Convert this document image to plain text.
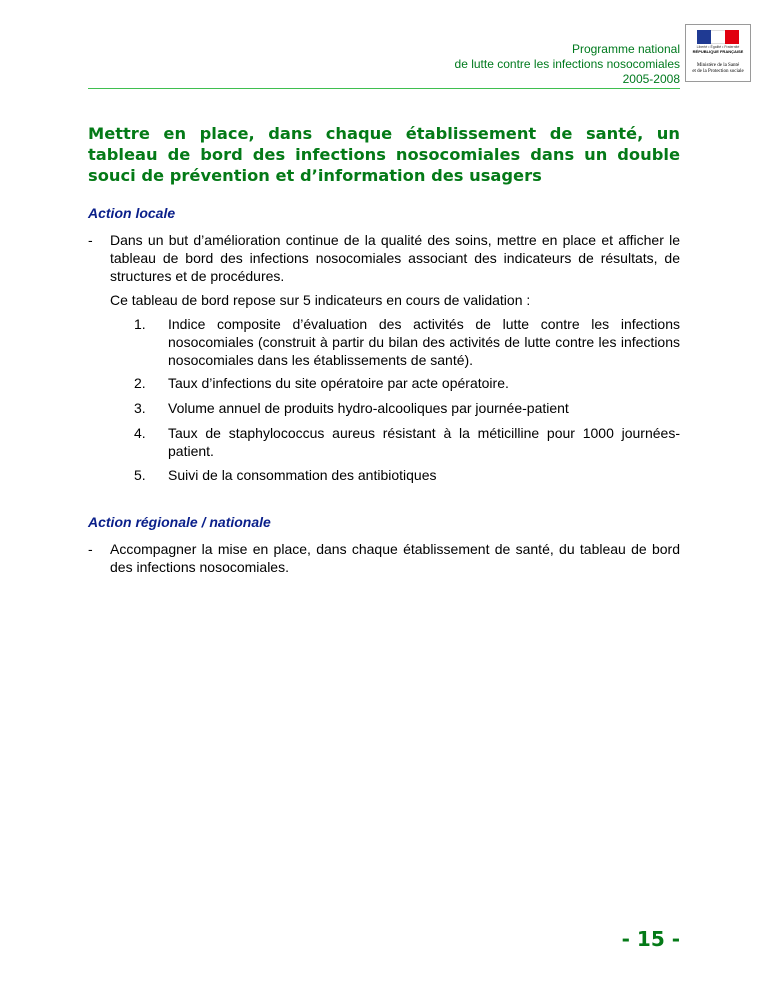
Programme national
de lutte contre les infections nosocomiales
2005-2008
Liberté • Égalité • Fraternité
RÉPUBLIQUE FRANÇAISE
Ministère de la Santé
et de la Protection sociale
Mettre en place, dans chaque établissement de santé, un tableau de bord des infections nosocomiales dans un double souci de prévention et d’information des usagers
Action locale
- Dans un but d’amélioration continue de la qualité des soins, mettre en place et afficher le tableau de bord des infections nosocomiales associant des indicateurs de résultats, de structures et de procédures.
Ce tableau de bord repose sur 5 indicateurs en cours de validation :
1. Indice composite d’évaluation des activités de lutte contre les infections nosocomiales (construit à partir du bilan des activités de lutte contre les infections nosocomiales dans les établissements de santé).
2. Taux d’infections du site opératoire par acte opératoire.
3. Volume annuel de produits hydro-alcooliques par journée-patient
4. Taux de staphylococcus aureus résistant à la méticilline pour 1000 journées-patient.
5. Suivi de la consommation des antibiotiques
Action régionale / nationale
- Accompagner la mise en place, dans chaque établissement de santé, du tableau de bord des infections nosocomiales.
- 15 -
